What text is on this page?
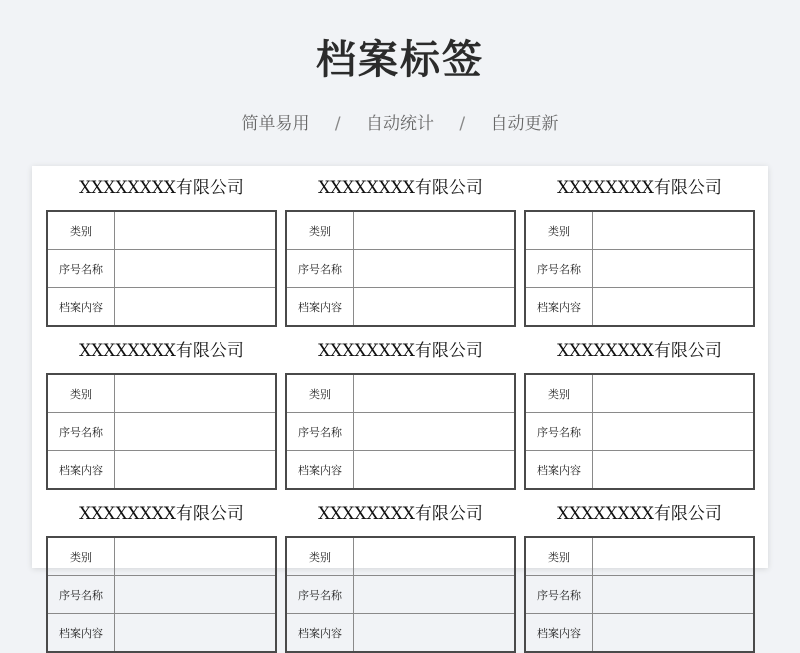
档案标签
简单易用 / 自动统计 / 自动更新
XXXXXXXX有限公司
类别	
序号名称	
档案内容	
XXXXXXXX有限公司
类别	
序号名称	
档案内容	
XXXXXXXX有限公司
类别	
序号名称	
档案内容	
XXXXXXXX有限公司
类别	
序号名称	
档案内容	
XXXXXXXX有限公司
类别	
序号名称	
档案内容	
XXXXXXXX有限公司
类别	
序号名称	
档案内容	
XXXXXXXX有限公司
类别	
序号名称	
档案内容	
XXXXXXXX有限公司
类别	
序号名称	
档案内容	
XXXXXXXX有限公司
类别	
序号名称	
档案内容	
